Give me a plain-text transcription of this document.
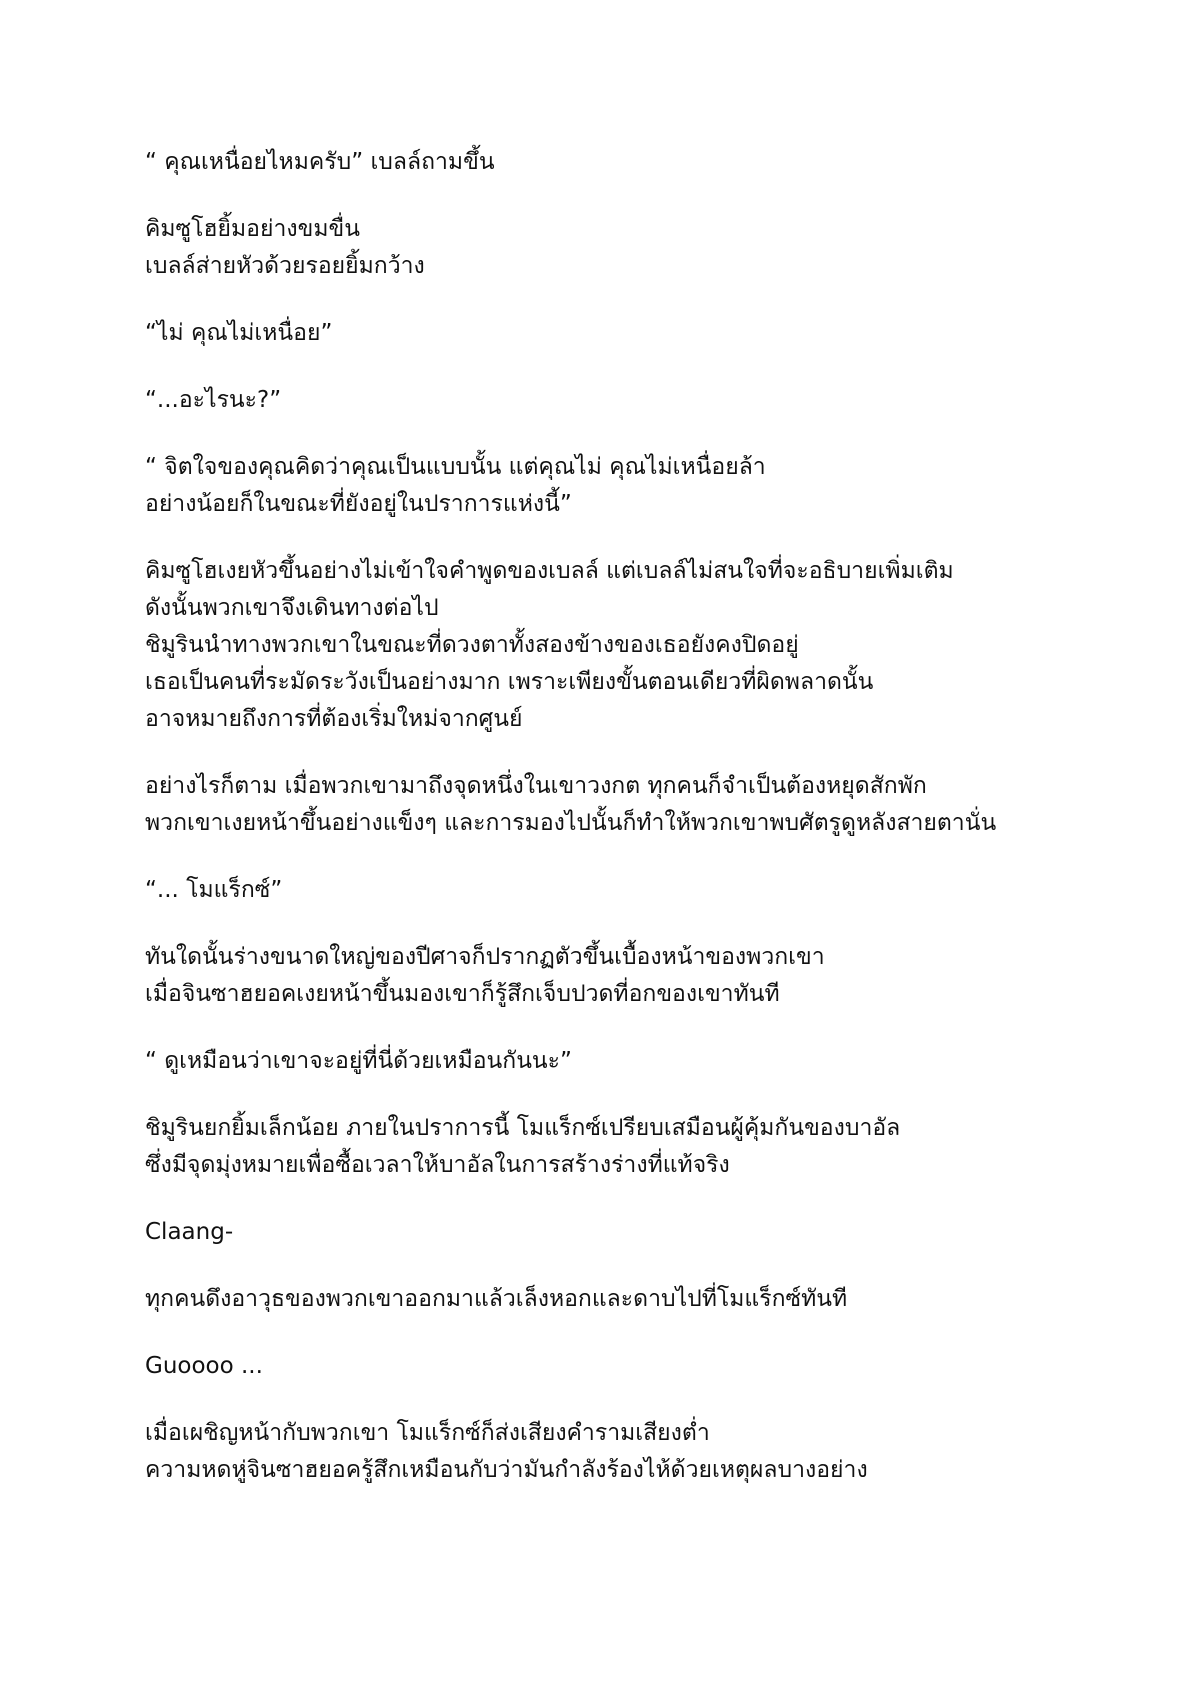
“ คุณเหนื่อยไหมครับ” เบลล์ถามขึ้น

คิมซูโฮยิ้มอย่างขมขื่น
เบลล์ส่ายหัวด้วยรอยยิ้มกว้าง

“ไม่ คุณไม่เหนื่อย”

“...อะไรนะ?”

“ จิตใจของคุณคิดว่าคุณเป็นแบบนั้น แต่คุณไม่ คุณไม่เหนื่อยล้า
อย่างน้อยก็ในขณะที่ยังอยู่ในปราการแห่งนี้”

คิมซูโฮเงยหัวขึ้นอย่างไม่เข้าใจคำพูดของเบลล์ แต่เบลล์ไม่สนใจที่จะอธิบายเพิ่มเติม
ดังนั้นพวกเขาจึงเดินทางต่อไป
ชิมูรินนำทางพวกเขาในขณะที่ดวงตาทั้งสองข้างของเธอยังคงปิดอยู่
เธอเป็นคนที่ระมัดระวังเป็นอย่างมาก เพราะเพียงขั้นตอนเดียวที่ผิดพลาดนั้น
อาจหมายถึงการที่ต้องเริ่มใหม่จากศูนย์

อย่างไรก็ตาม เมื่อพวกเขามาถึงจุดหนึ่งในเขาวงกต ทุกคนก็จำเป็นต้องหยุดสักพัก
พวกเขาเงยหน้าขึ้นอย่างแข็งๆ และการมองไปนั้นก็ทำให้พวกเขาพบศัตรูดูหลังสายตานั่น

“... โมแร็กซ์”

ทันใดนั้นร่างขนาดใหญ่ของปีศาจก็ปรากฏตัวขึ้นเบื้องหน้าของพวกเขา
เมื่อจินซาฮยอคเงยหน้าขึ้นมองเขาก็รู้สึกเจ็บปวดที่อกของเขาทันที

“ ดูเหมือนว่าเขาจะอยู่ที่นี่ด้วยเหมือนกันนะ”

ชิมูรินยกยิ้มเล็กน้อย ภายในปราการนี้ โมแร็กซ์เปรียบเสมือนผู้คุ้มกันของบาอัล
ซึ่งมีจุดมุ่งหมายเพื่อซื้อเวลาให้บาอัลในการสร้างร่างที่แท้จริง

Claang-

ทุกคนดึงอาวุธของพวกเขาออกมาแล้วเล็งหอกและดาบไปที่โมแร็กซ์ทันที

Guoooo ...

เมื่อเผชิญหน้ากับพวกเขา โมแร็กซ์ก็ส่งเสียงคำรามเสียงต่ำ
ความหดหู่จินซาฮยอครู้สึกเหมือนกับว่ามันกำลังร้องไห้ด้วยเหตุผลบางอย่าง
